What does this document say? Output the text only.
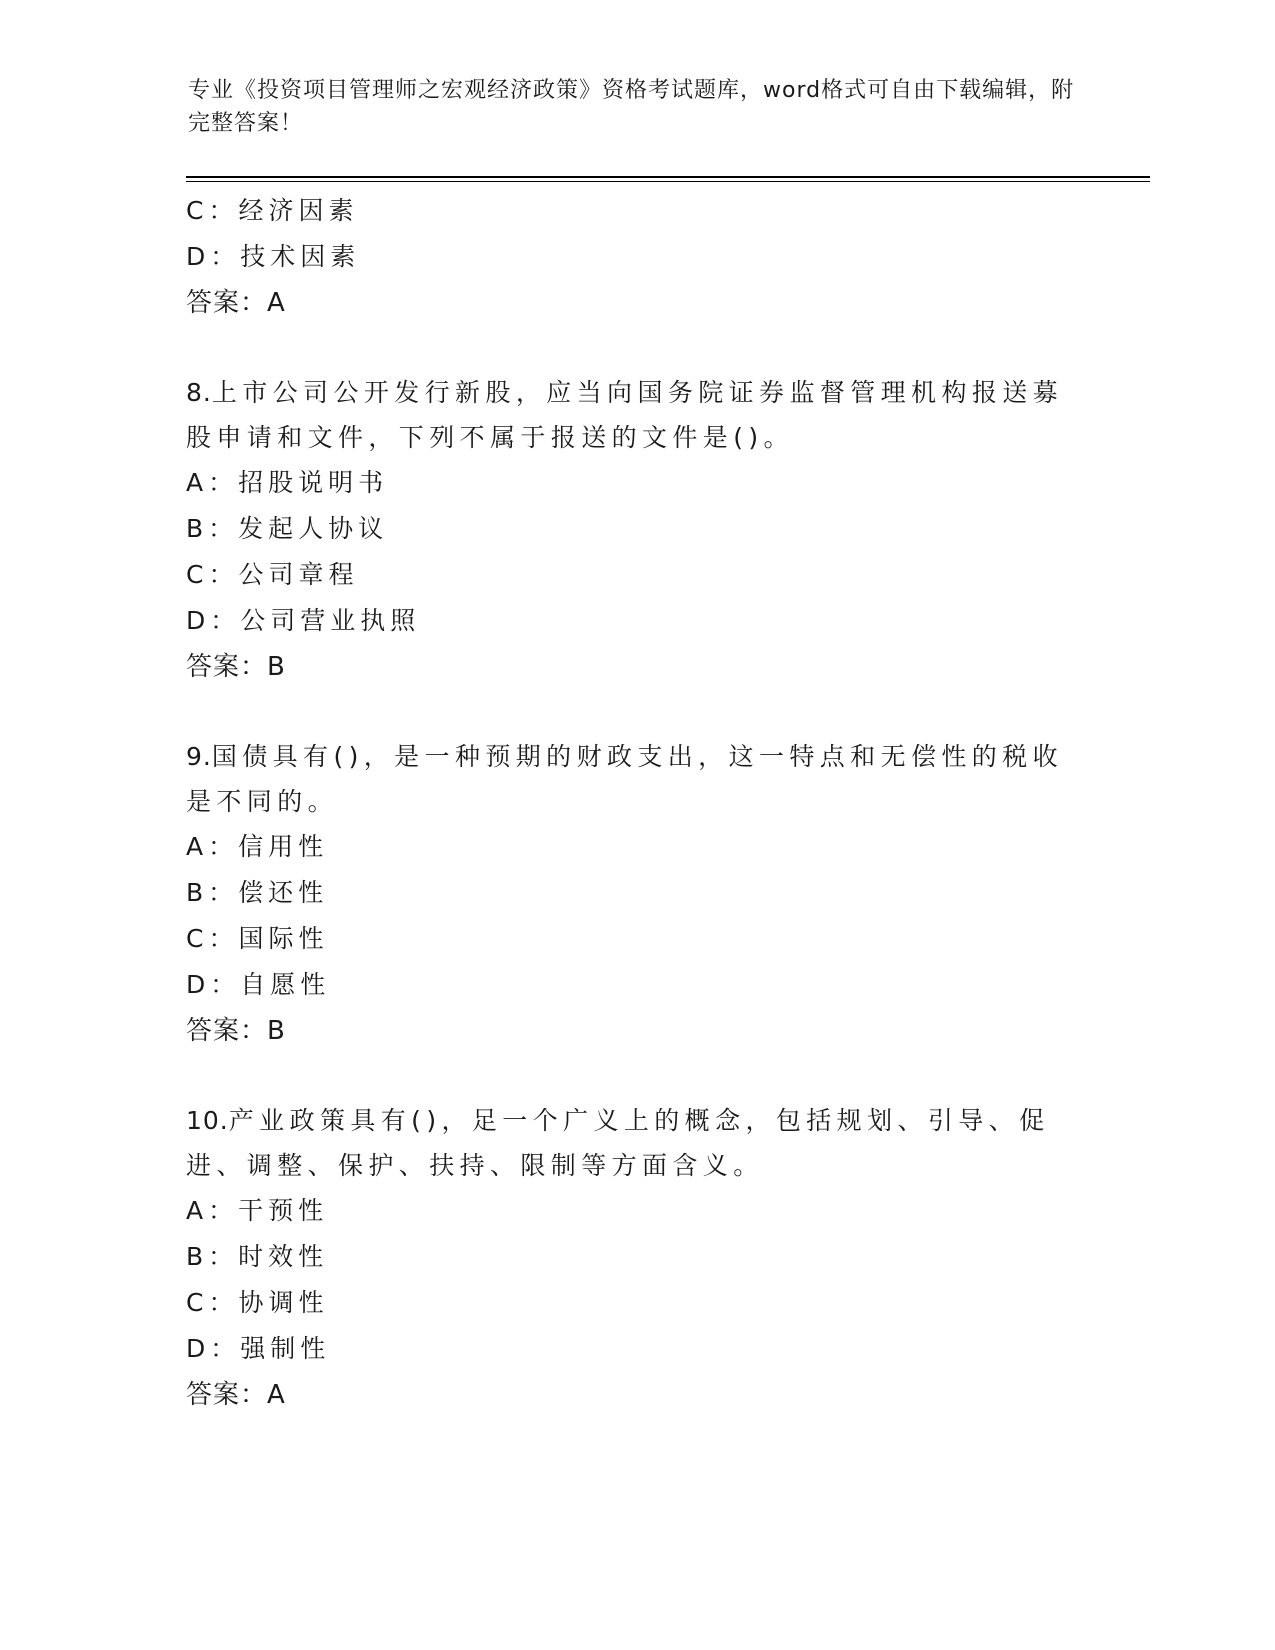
专业《投资项目管理师之宏观经济政策》资格考试题库，word格式可自由下载编辑，附完整答案！
C：经济因素
D：技术因素
答案：A
8.上市公司公开发行新股，应当向国务院证券监督管理机构报送募股申请和文件，下列不属于报送的文件是()。
A：招股说明书
B：发起人协议
C：公司章程
D：公司营业执照
答案：B
9.国债具有()，是一种预期的财政支出，这一特点和无偿性的税收是不同的。
A：信用性
B：偿还性
C：国际性
D：自愿性
答案：B
10.产业政策具有()，足一个广义上的概念，包括规划、引导、促进、调整、保护、扶持、限制等方面含义。
A：干预性
B：时效性
C：协调性
D：强制性
答案：A
